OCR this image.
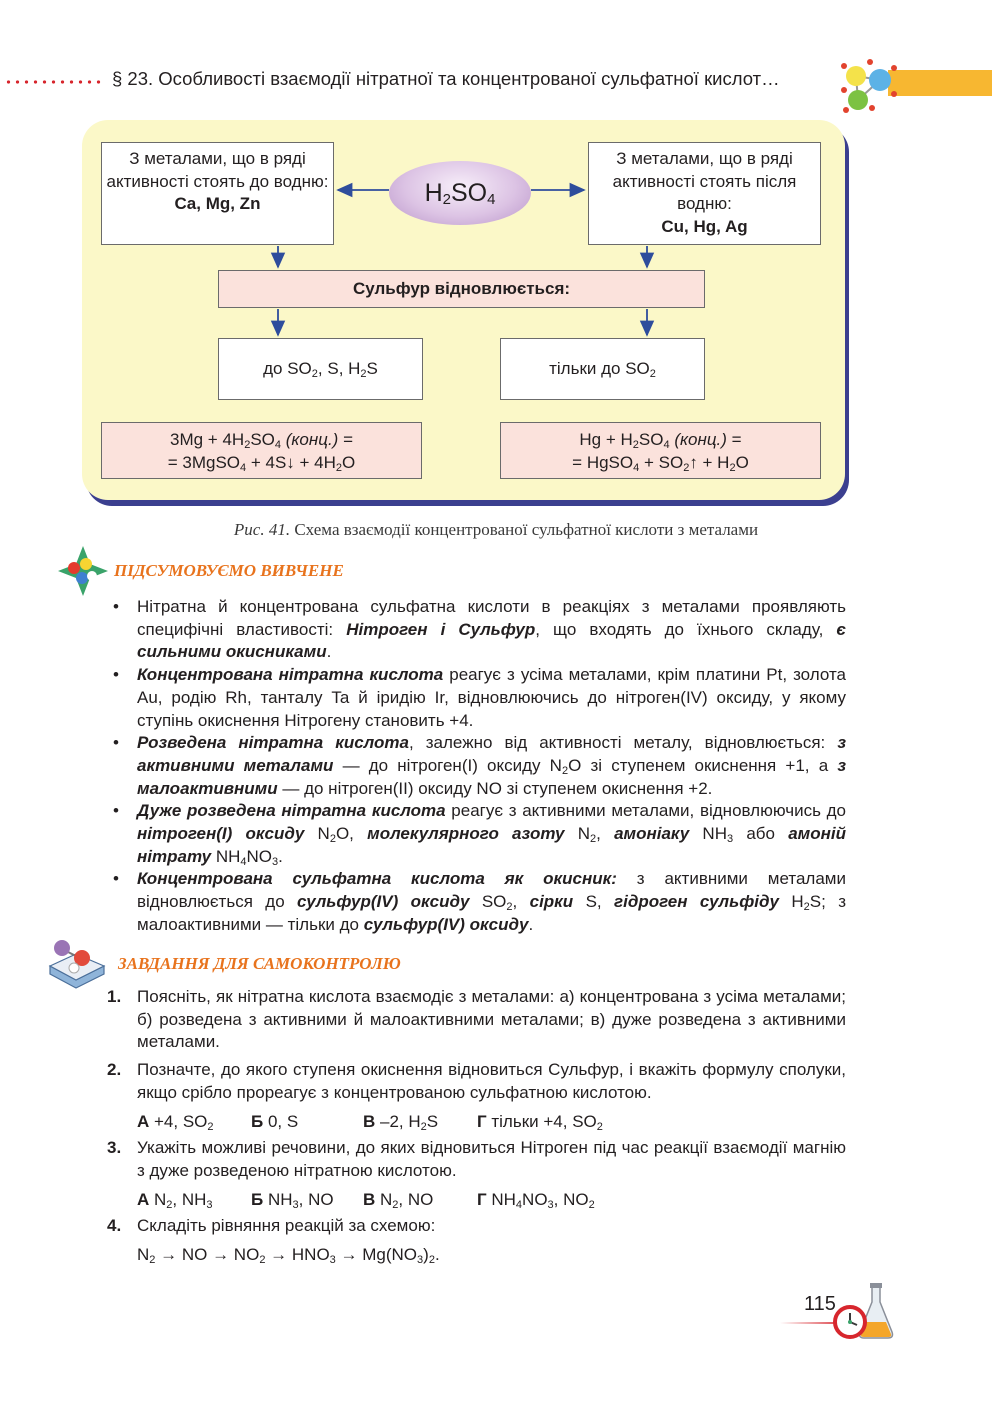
§ 23. Особливості взаємодії нітратної та концентрованої сульфатної кислот…
З металами, що в ряді активності стоять до водню:
Ca, Mg, Zn
З металами, що в ряді активності стоять після водню:
Cu, Hg, Ag
$H_2SO_4$
Сульфур відновлюється:
до $SO_2$, S, $H_2S$	тільки до $SO_2$
$3Mg + 4H_2SO_4$ (конц.) =
= 3MgSO$_4$ + 4S↓ + $4H_2O$
$Hg + H_2SO_4$ (конц.) =
= HgSO$_4$ + $SO_2↑ + H_2O$
Рис. 41. Схема взаємодії концентрованої сульфатної кислоти з металами
ПІДСУМОВУЄМО ВИВЧЕНЕ
• Нітратна й концентрована сульфатна кислоти в реакціях з металами проявляють специфічні властивості: Нітроген і Сульфур, що входять до їхнього складу, є сильними окисниками.
• Концентрована нітратна кислота реагує з усіма металами, крім платини Pt, золота Au, родію Rh, танталу Ta й іридію Ir, відновлюючись до нітроген(IV) оксиду, у якому ступінь окиснення Нітрогену становить +4.
• Розведена нітратна кислота, залежно від активності металу, відновлюється: з активними металами — до нітроген(I) оксиду $N_2O$ зі ступенем окиснення +1, а з малоактивними — до нітроген(II) оксиду NO зі ступенем окиснення +2.
• Дуже розведена нітратна кислота реагує з активними металами, відновлюючись до нітроген(I) оксиду $N_2O$, молекулярного азоту $N_2$, амоніаку $NH_3$ або амоній нітрату $NH_4NO_3$.
• Концентрована сульфатна кислота як окисник: з активними металами відновлюється до сульфур(IV) оксиду $SO_2$, сірки S, гідроген сульфіду $H_2S$; з малоактивними — тільки до сульфур(IV) оксиду.
ЗАВДАННЯ ДЛЯ САМОКОНТРОЛЮ
1. Поясніть, як нітратна кислота взаємодіє з металами: а) концентрована з усіма металами; б) розведена з активними й малоактивними металами; в) дуже розведена з активними металами.
2. Позначте, до якого ступеня окиснення відновиться Сульфур, і вкажіть формулу сполуки, якщо срібло прореагує з концентрованою сульфатною кислотою.
А +4, $SO_2$ Б 0, S	В –2, $H_2S$ Г тільки +4, $SO_2$
3. Укажіть можливі речовини, до яких відновиться Нітроген під час реакції взаємодії магнію з дуже розведеною нітратною кислотою.
А $N_2$, $NH_3$ Б $NH_3$, NO В $N_2$, NO	Г $NH_4NO_3$, $NO_2$
4. Складіть рівняння реакцій за схемою:
$N_2$ → NO → $NO_2 \to HNO_3 \to Mg(NO_3)_2$.
115
